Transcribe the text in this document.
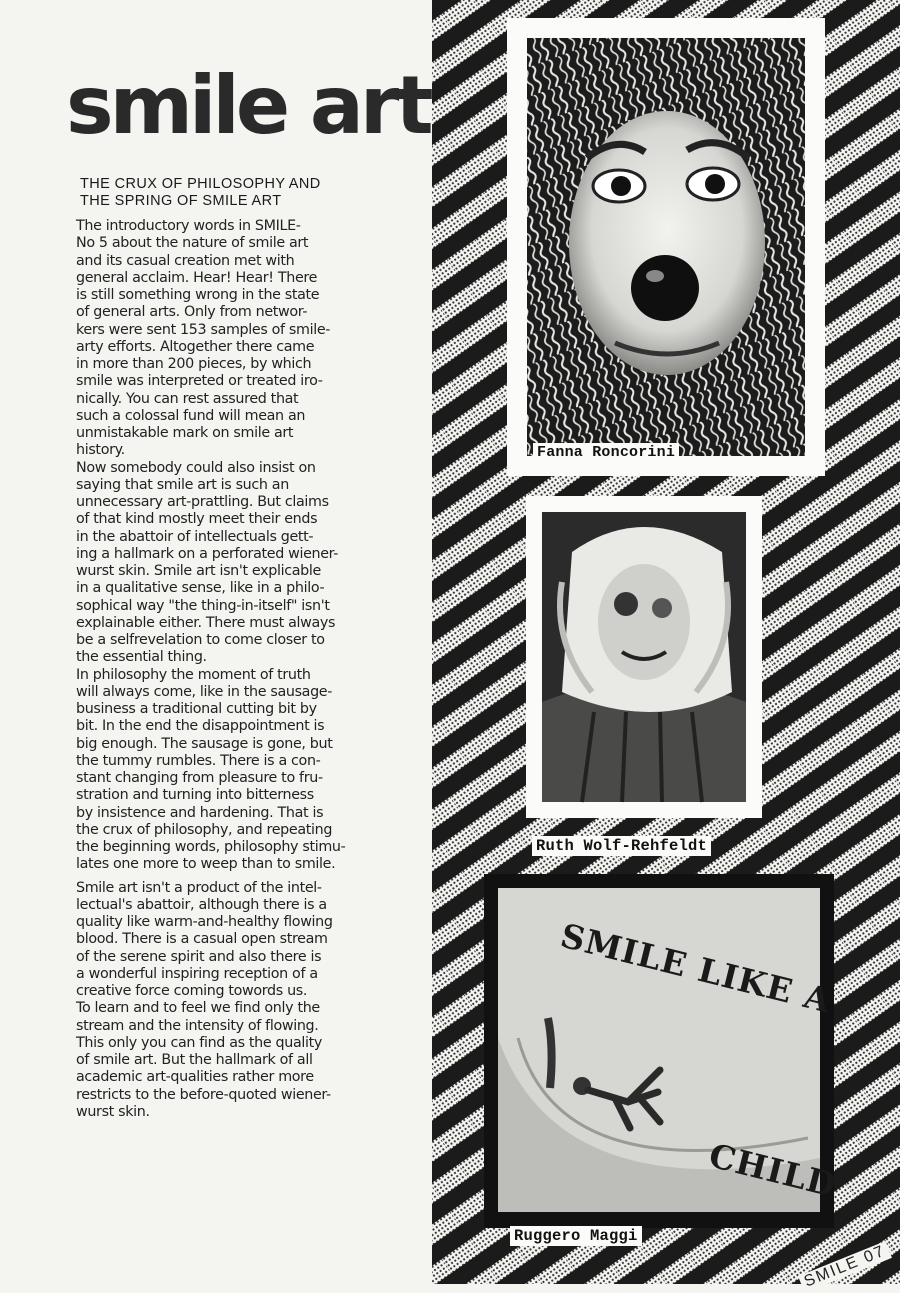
smile art
THE CRUX OF PHILOSOPHY AND
THE SPRING OF SMILE ART

The introductory words in SMILE-
No 5 about the nature of smile art
and its casual creation met with
general acclaim. Hear! Hear! There
is still something wrong in the state
of general arts. Only from networ-
kers were sent 153 samples of smile-
arty efforts. Altogether there came
in more than 200 pieces, by which
smile was interpreted or treated iro-
nically. You can rest assured that
such a colossal fund will mean an
unmistakable mark on smile art
history.
Now somebody could also insist on
saying that smile art is such an
unnecessary art-prattling. But claims
of that kind mostly meet their ends
in the abattoir of intellectuals gett-
ing a hallmark on a perforated wiener-
wurst skin. Smile art isn't explicable
in a qualitative sense, like in a philo-
sophical way "the thing-in-itself" isn't
explainable either. There must always
be a selfrevelation to come closer to
the essential thing.
In philosophy the moment of truth
will always come, like in the sausage-
business a traditional cutting bit by
bit. In the end the disappointment is
big enough. The sausage is gone, but
the tummy rumbles. There is a con-
stant changing from pleasure to fru-
stration and turning into bitterness
by insistence and hardening. That is
the crux of philosophy, and repeating
the beginning words, philosophy stimu-
lates one more to weep than to smile.

Smile art isn't a product of the intel-
lectual's abattoir, although there is a
quality like warm-and-healthy flowing
blood. There is a casual open stream
of the serene spirit and also there is
a wonderful inspiring reception of a
creative force coming towords us.
To learn and to feel we find only the
stream and the intensity of flowing.
This only you can find as the quality
of smile art. But the hallmark of all
academic art-qualities rather more
restricts to the before-quoted wiener-
wurst skin.

Fanna Roncorini
Ruth Wolf-Rehfeldt
SMILE LIKE A
CHILD
Ruggero Maggi
SMILE 07
